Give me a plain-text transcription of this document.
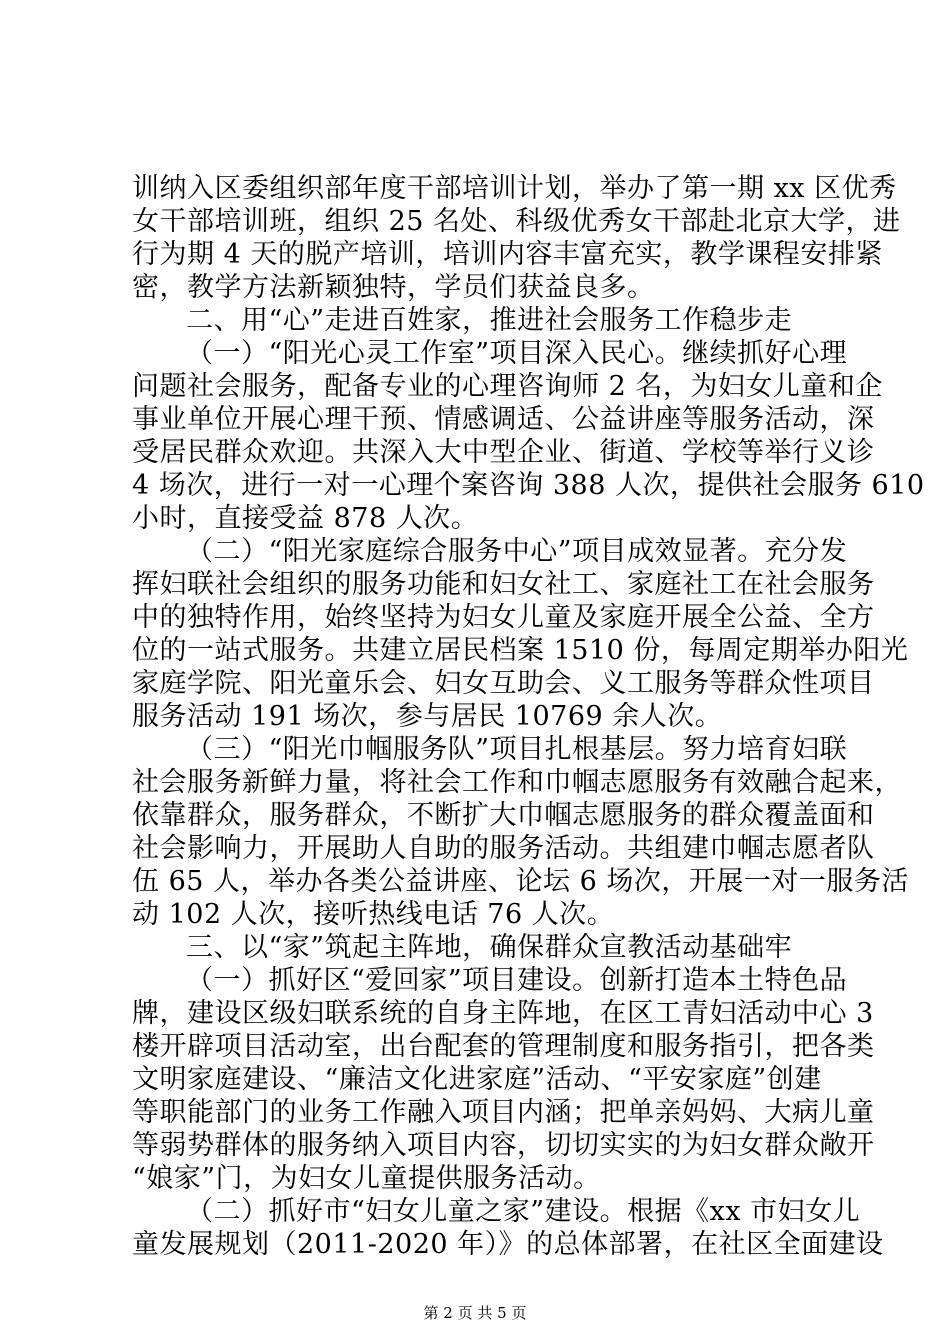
训纳入区委组织部年度干部培训计划，举办了第一期 xx 区优秀
女干部培训班，组织 25 名处、科级优秀女干部赴北京大学，进
行为期 4 天的脱产培训，培训内容丰富充实，教学课程安排紧
密，教学方法新颖独特，学员们获益良多。
二、用“心”走进百姓家，推进社会服务工作稳步走
（一）“阳光心灵工作室”项目深入民心。继续抓好心理
问题社会服务，配备专业的心理咨询师 2 名，为妇女儿童和企
事业单位开展心理干预、情感调适、公益讲座等服务活动，深
受居民群众欢迎。共深入大中型企业、街道、学校等举行义诊
4 场次，进行一对一心理个案咨询 388 人次，提供社会服务 610
小时，直接受益 878 人次。
（二）“阳光家庭综合服务中心”项目成效显著。充分发
挥妇联社会组织的服务功能和妇女社工、家庭社工在社会服务
中的独特作用，始终坚持为妇女儿童及家庭开展全公益、全方
位的一站式服务。共建立居民档案 1510 份，每周定期举办阳光
家庭学院、阳光童乐会、妇女互助会、义工服务等群众性项目
服务活动 191 场次，参与居民 10769 余人次。
（三）“阳光巾帼服务队”项目扎根基层。努力培育妇联
社会服务新鲜力量，将社会工作和巾帼志愿服务有效融合起来，
依靠群众，服务群众，不断扩大巾帼志愿服务的群众覆盖面和
社会影响力，开展助人自助的服务活动。共组建巾帼志愿者队
伍 65 人，举办各类公益讲座、论坛 6 场次，开展一对一服务活
动 102 人次，接听热线电话 76 人次。
三、以“家”筑起主阵地，确保群众宣教活动基础牢
（一）抓好区“爱回家”项目建设。创新打造本土特色品
牌，建设区级妇联系统的自身主阵地，在区工青妇活动中心 3
楼开辟项目活动室，出台配套的管理制度和服务指引，把各类
文明家庭建设、“廉洁文化进家庭”活动、“平安家庭”创建
等职能部门的业务工作融入项目内涵；把单亲妈妈、大病儿童
等弱势群体的服务纳入项目内容，切切实实的为妇女群众敞开
“娘家”门，为妇女儿童提供服务活动。
（二）抓好市“妇女儿童之家”建设。根据《xx 市妇女儿
童发展规划（2011-2020 年）》的总体部署，在社区全面建设
第 2 页 共 5 页
